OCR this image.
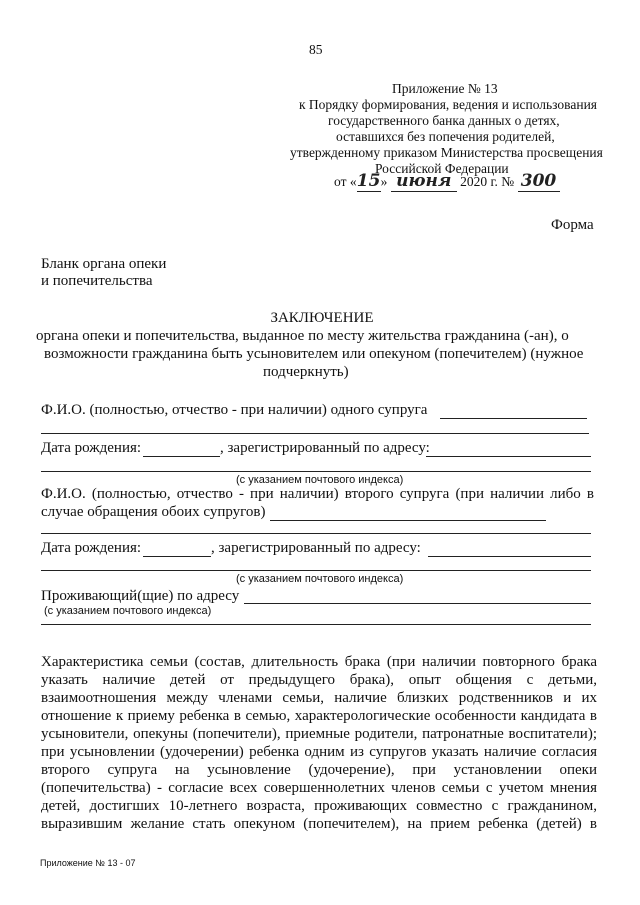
85
Приложение № 13
к Порядку формирования, ведения и использования
государственного банка данных о детях,
оставшихся без попечения родителей,
утвержденному приказом Министерства просвещения
Российской Федерации
от «15» июня 2020 г. № 300
Форма
Бланк органа опеки
и попечительства
ЗАКЛЮЧЕНИЕ
органа опеки и попечительства, выданное по месту жительства гражданина (-ан), о
возможности гражданина быть усыновителем или опекуном (попечителем) (нужное
подчеркнуть)
Ф.И.О. (полностью, отчество - при наличии) одного супруга
Дата рождения:	, зарегистрированный по адресу:
(с указанием почтового индекса)
Ф.И.О. (полностью, отчество - при наличии) второго супруга (при наличии либо в
случае обращения обоих супругов)
Дата рождения:	, зарегистрированный по адресу:
(с указанием почтового индекса)
Проживающий(щие) по адресу
(с указанием почтового индекса)
Характеристика семьи (состав, длительность брака (при наличии повторного брака
указать наличие детей от предыдущего брака), опыт общения с детьми,
взаимоотношения между членами семьи, наличие близких родственников и их
отношение к приему ребенка в семью, характерологические особенности кандидата в
усыновители, опекуны (попечители), приемные родители, патронатные воспитатели);
при усыновлении (удочерении) ребенка одним из супругов указать наличие согласия
второго супруга на усыновление (удочерение), при установлении опеки
(попечительства) - согласие всех совершеннолетних членов семьи с учетом мнения
детей, достигших 10-летнего возраста, проживающих совместно с гражданином,
выразившим желание стать опекуном (попечителем), на прием ребенка (детей) в
Приложение № 13 - 07
